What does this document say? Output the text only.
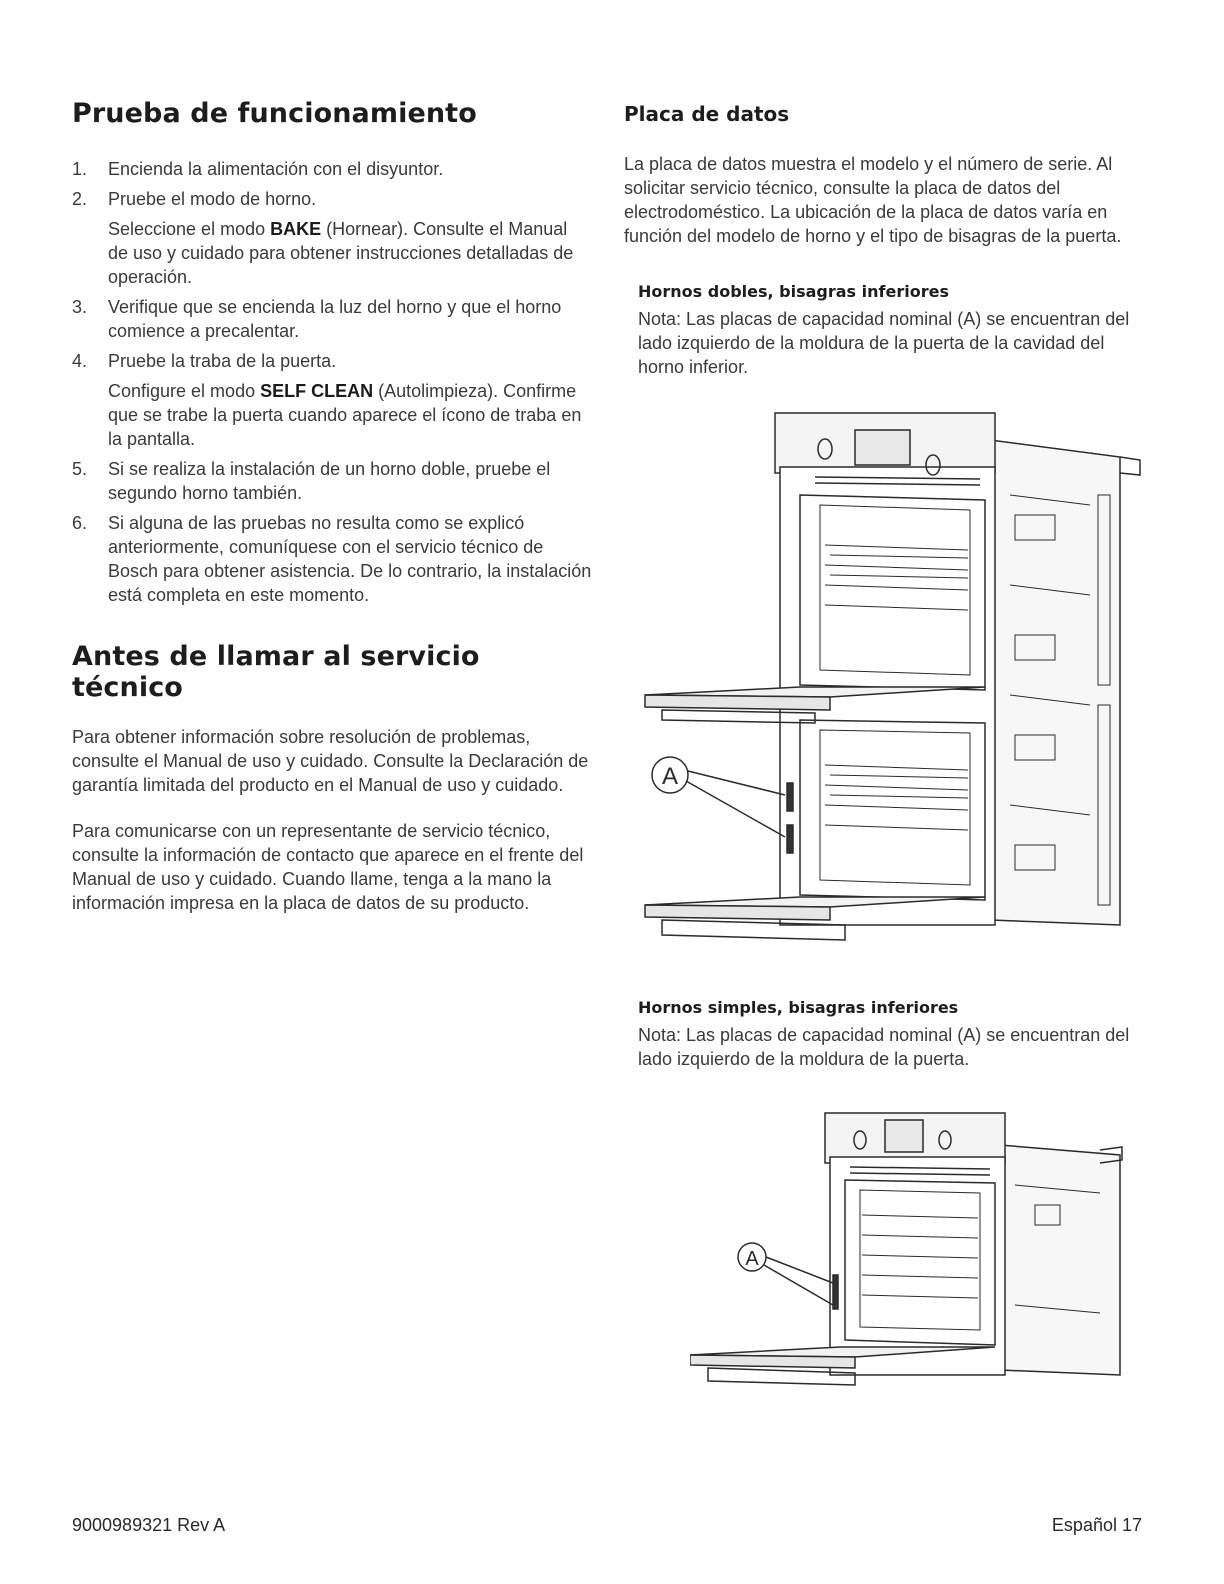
Prueba de funcionamiento
1. Encienda la alimentación con el disyuntor.
2. Pruebe el modo de horno.
Seleccione el modo BAKE (Hornear). Consulte el Manual de uso y cuidado para obtener instrucciones detalladas de operación.
3. Verifique que se encienda la luz del horno y que el horno comience a precalentar.
4. Pruebe la traba de la puerta.
Configure el modo SELF CLEAN (Autolimpieza). Confirme que se trabe la puerta cuando aparece el ícono de traba en la pantalla.
5. Si se realiza la instalación de un horno doble, pruebe el segundo horno también.
6. Si alguna de las pruebas no resulta como se explicó anteriormente, comuníquese con el servicio técnico de Bosch para obtener asistencia. De lo contrario, la instalación está completa en este momento.
Antes de llamar al servicio técnico

Para obtener información sobre resolución de problemas, consulte el Manual de uso y cuidado. Consulte la Declaración de garantía limitada del producto en el Manual de uso y cuidado.

Para comunicarse con un representante de servicio técnico, consulte la información de contacto que aparece en el frente del Manual de uso y cuidado. Cuando llame, tenga a la mano la información impresa en la placa de datos de su producto.

Placa de datos

La placa de datos muestra el modelo y el número de serie. Al solicitar servicio técnico, consulte la placa de datos del electrodoméstico. La ubicación de la placa de datos varía en función del modelo de horno y el tipo de bisagras de la puerta.

Hornos dobles, bisagras inferiores

Nota: Las placas de capacidad nominal (A) se encuentran del lado izquierdo de la moldura de la puerta de la cavidad del horno inferior.

A
Hornos simples, bisagras inferiores

Nota: Las placas de capacidad nominal (A) se encuentran del lado izquierdo de la moldura de la puerta.

A
9000989321 Rev A	Español 17
